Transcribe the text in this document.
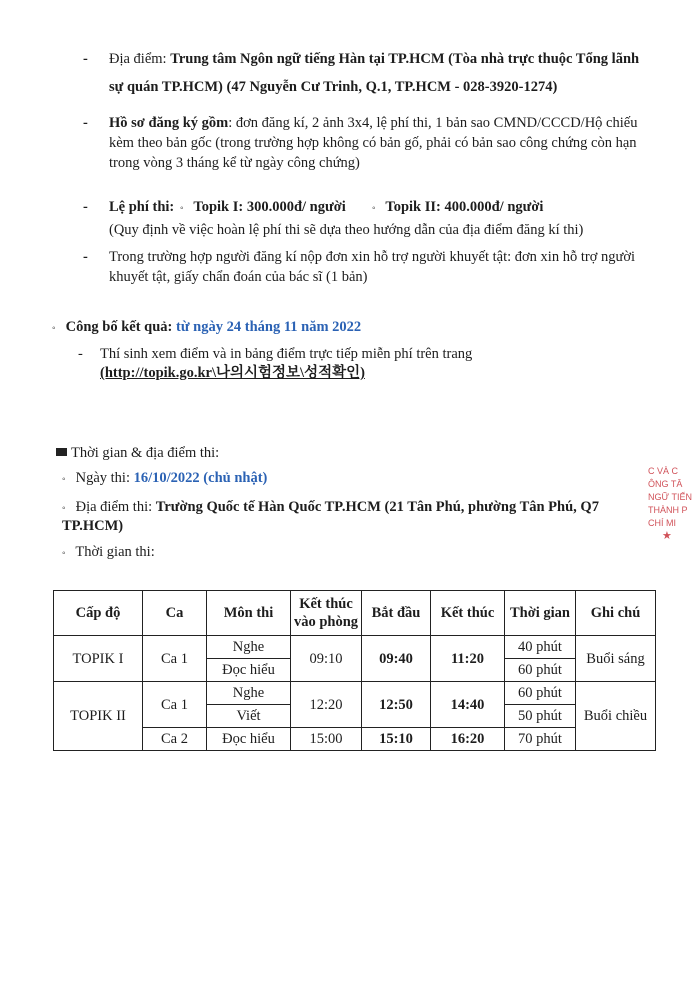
- Địa điểm: Trung tâm Ngôn ngữ tiếng Hàn tại TP.HCM (Tòa nhà trực thuộc Tổng lãnh
sự quán TP.HCM) (47 Nguyễn Cư Trinh, Q.1, TP.HCM - 028-3920-1274)
- Hồ sơ đăng ký gồm: đơn đăng kí, 2 ảnh 3x4, lệ phí thi, 1 bản sao CMND/CCCD/Hộ chiếu
kèm theo bản gốc (trong trường hợp không có bản gố, phải có bản sao công chứng còn hạn
trong vòng 3 tháng kể từ ngày công chứng)
- Lệ phí thi: ◦ Topik I: 300.000đ/ người	◦ Topik II: 400.000đ/ người
(Quy định về việc hoàn lệ phí thi sẽ dựa theo hướng dẫn của địa điểm đăng kí thi)
- Trong trường hợp người đăng kí nộp đơn xin hỗ trợ người khuyết tật: đơn xin hỗ trợ người
khuyết tật, giấy chẩn đoán của bác sĩ (1 bản)
◦ Công bố kết quả: từ ngày 24 tháng 11 năm 2022
- Thí sinh xem điểm và in bảng điểm trực tiếp miễn phí trên trang
(http://topik.go.kr\나의시험정보\성적확인)
Thời gian & địa điểm thi:
◦ Ngày thi: 16/10/2022 (chủ nhật)
◦ Địa điểm thi: Trường Quốc tế Hàn Quốc TP.HCM (21 Tân Phú, phường Tân Phú, Q7
TP.HCM)
◦ Thời gian thi:
Cấp độ	Ca	Môn thi	Kết thúc vào phòng	Bắt đầu	Kết thúc	Thời gian	Ghi chú
TOPIK I	Ca 1	Nghe	09:10	09:40	11:20	40 phút	Buổi sáng
		Đọc hiểu				60 phút	
TOPIK II	Ca 1	Nghe	12:20	12:50	14:40	60 phút	Buổi chiều
		Viết				50 phút	
	Ca 2	Đọc hiểu	15:00	15:10	16:20	70 phút	
C VÀ C
ÔNG TÂ
NGỮ TIẾN
THÀNH P
CHÍ MI
★
